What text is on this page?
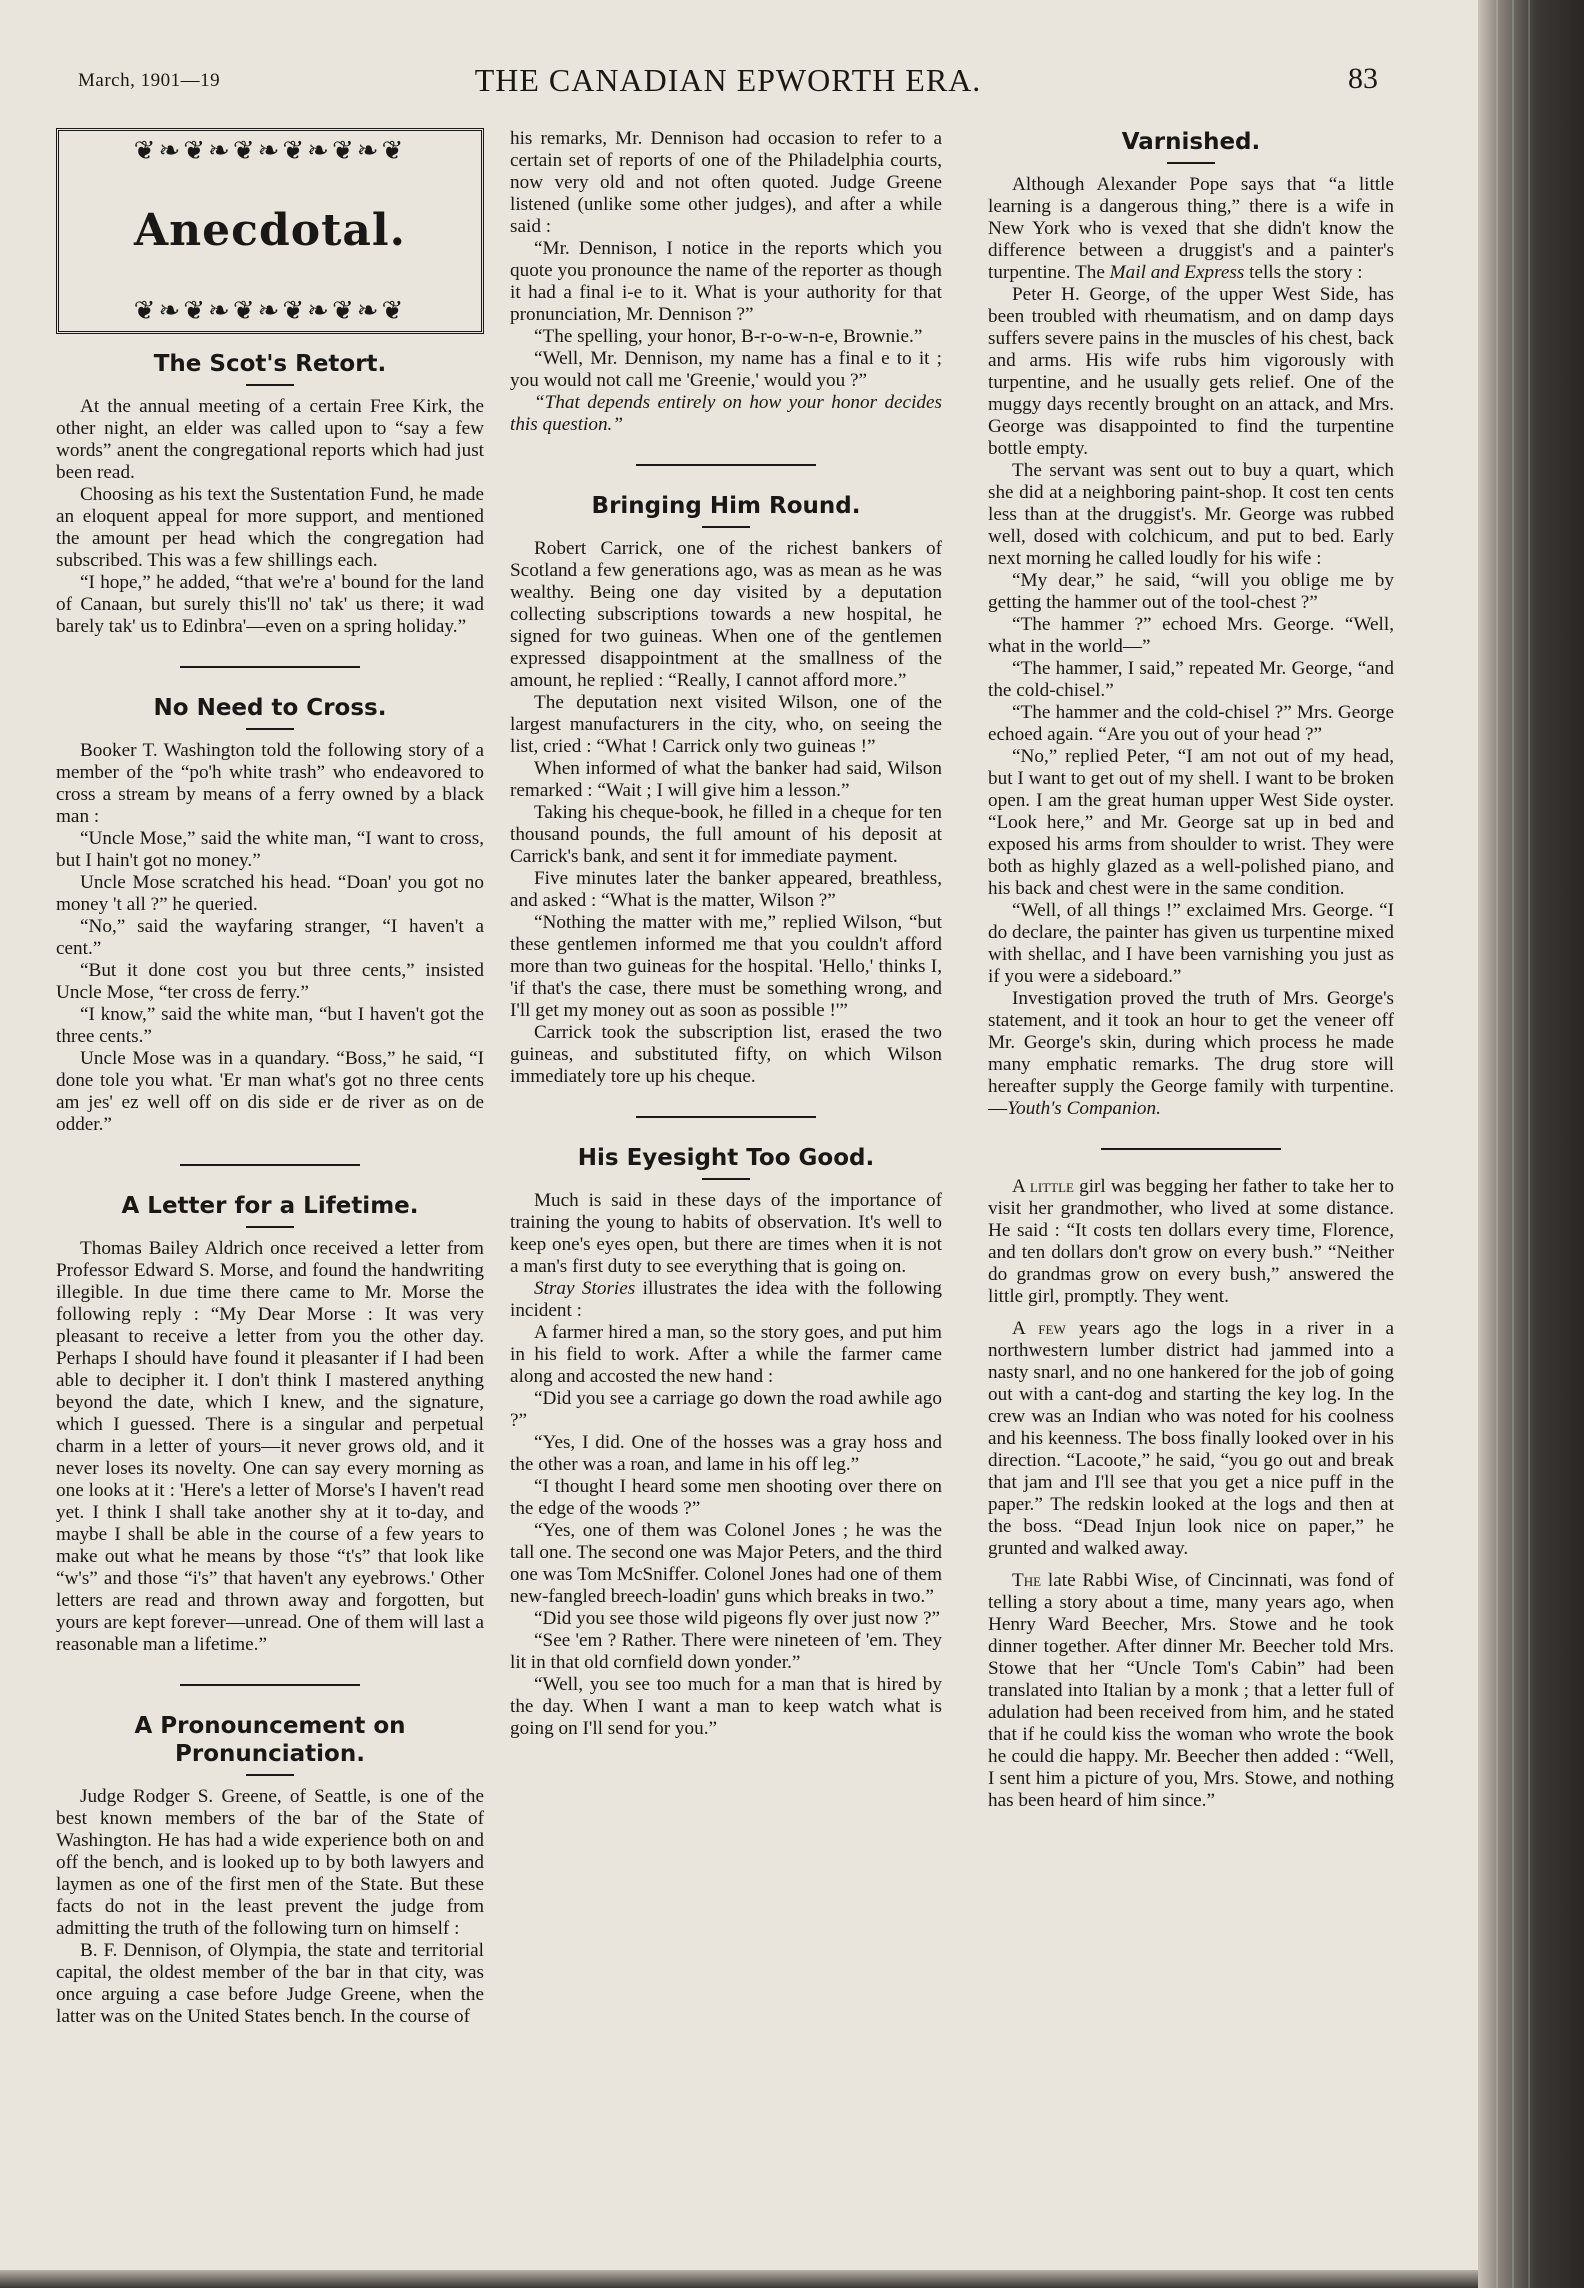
March, 1901—19	THE CANADIAN EPWORTH ERA.	83
❦❧❦❧❦❧❦❧❦❧❦
Anecdotal.
❦❧❦❧❦❧❦❧❦❧❦
The Scot's Retort.

At the annual meeting of a certain Free Kirk, the other night, an elder was called upon to “say a few words” anent the congregational reports which had just been read.

Choosing as his text the Sustentation Fund, he made an eloquent appeal for more support, and mentioned the amount per head which the congregation had subscribed. This was a few shillings each.

“I hope,” he added, “that we're a' bound for the land of Canaan, but surely this'll no' tak' us there; it wad barely tak' us to Edinbra'—even on a spring holiday.”

No Need to Cross.

Booker T. Washington told the following story of a member of the “po'h white trash” who endeavored to cross a stream by means of a ferry owned by a black man :

“Uncle Mose,” said the white man, “I want to cross, but I hain't got no money.”

Uncle Mose scratched his head. “Doan' you got no money 't all ?” he queried.

“No,” said the wayfaring stranger, “I haven't a cent.”

“But it done cost you but three cents,” insisted Uncle Mose, “ter cross de ferry.”

“I know,” said the white man, “but I haven't got the three cents.”

Uncle Mose was in a quandary. “Boss,” he said, “I done tole you what. 'Er man what's got no three cents am jes' ez well off on dis side er de river as on de odder.”

A Letter for a Lifetime.

Thomas Bailey Aldrich once received a letter from Professor Edward S. Morse, and found the handwriting illegible. In due time there came to Mr. Morse the following reply : “My Dear Morse : It was very pleasant to receive a letter from you the other day. Perhaps I should have found it pleasanter if I had been able to decipher it. I don't think I mastered anything beyond the date, which I knew, and the signature, which I guessed. There is a singular and perpetual charm in a letter of yours—it never grows old, and it never loses its novelty. One can say every morning as one looks at it : 'Here's a letter of Morse's I haven't read yet. I think I shall take another shy at it to-day, and maybe I shall be able in the course of a few years to make out what he means by those “t's” that look like “w's” and those “i's” that haven't any eyebrows.' Other letters are read and thrown away and forgotten, but yours are kept forever—unread. One of them will last a reasonable man a lifetime.”

A Pronouncement on Pronunciation.

Judge Rodger S. Greene, of Seattle, is one of the best known members of the bar of the State of Washington. He has had a wide experience both on and off the bench, and is looked up to by both lawyers and laymen as one of the first men of the State. But these facts do not in the least prevent the judge from admitting the truth of the following turn on himself :

B. F. Dennison, of Olympia, the state and territorial capital, the oldest member of the bar in that city, was once arguing a case before Judge Greene, when the latter was on the United States bench. In the course of

his remarks, Mr. Dennison had occasion to refer to a certain set of reports of one of the Philadelphia courts, now very old and not often quoted. Judge Greene listened (unlike some other judges), and after a while said :

“Mr. Dennison, I notice in the reports which you quote you pronounce the name of the reporter as though it had a final i-e to it. What is your authority for that pronunciation, Mr. Dennison ?”

“The spelling, your honor, B-r-o-w-n-e, Brownie.”

“Well, Mr. Dennison, my name has a final e to it ; you would not call me 'Greenie,' would you ?”

“That depends entirely on how your honor decides this question.”

Bringing Him Round.

Robert Carrick, one of the richest bankers of Scotland a few generations ago, was as mean as he was wealthy. Being one day visited by a deputation collecting subscriptions towards a new hospital, he signed for two guineas. When one of the gentlemen expressed disappointment at the smallness of the amount, he replied : “Really, I cannot afford more.”

The deputation next visited Wilson, one of the largest manufacturers in the city, who, on seeing the list, cried : “What ! Carrick only two guineas !”

When informed of what the banker had said, Wilson remarked : “Wait ; I will give him a lesson.”

Taking his cheque-book, he filled in a cheque for ten thousand pounds, the full amount of his deposit at Carrick's bank, and sent it for immediate payment.

Five minutes later the banker appeared, breathless, and asked : “What is the matter, Wilson ?”

“Nothing the matter with me,” replied Wilson, “but these gentlemen informed me that you couldn't afford more than two guineas for the hospital. 'Hello,' thinks I, 'if that's the case, there must be something wrong, and I'll get my money out as soon as possible !'”

Carrick took the subscription list, erased the two guineas, and substituted fifty, on which Wilson immediately tore up his cheque.

His Eyesight Too Good.

Much is said in these days of the importance of training the young to habits of observation. It's well to keep one's eyes open, but there are times when it is not a man's first duty to see everything that is going on.

Stray Stories illustrates the idea with the following incident :

A farmer hired a man, so the story goes, and put him in his field to work. After a while the farmer came along and accosted the new hand :

“Did you see a carriage go down the road awhile ago ?”

“Yes, I did. One of the hosses was a gray hoss and the other was a roan, and lame in his off leg.”

“I thought I heard some men shooting over there on the edge of the woods ?”

“Yes, one of them was Colonel Jones ; he was the tall one. The second one was Major Peters, and the third one was Tom McSniffer. Colonel Jones had one of them new-fangled breech-loadin' guns which breaks in two.”

“Did you see those wild pigeons fly over just now ?”

“See 'em ? Rather. There were nineteen of 'em. They lit in that old cornfield down yonder.”

“Well, you see too much for a man that is hired by the day. When I want a man to keep watch what is going on I'll send for you.”

Varnished.

Although Alexander Pope says that “a little learning is a dangerous thing,” there is a wife in New York who is vexed that she didn't know the difference between a druggist's and a painter's turpentine. The Mail and Express tells the story :

Peter H. George, of the upper West Side, has been troubled with rheumatism, and on damp days suffers severe pains in the muscles of his chest, back and arms. His wife rubs him vigorously with turpentine, and he usually gets relief. One of the muggy days recently brought on an attack, and Mrs. George was disappointed to find the turpentine bottle empty.

The servant was sent out to buy a quart, which she did at a neighboring paint-shop. It cost ten cents less than at the druggist's. Mr. George was rubbed well, dosed with colchicum, and put to bed. Early next morning he called loudly for his wife :

“My dear,” he said, “will you oblige me by getting the hammer out of the tool-chest ?”

“The hammer ?” echoed Mrs. George. “Well, what in the world—”

“The hammer, I said,” repeated Mr. George, “and the cold-chisel.”

“The hammer and the cold-chisel ?” Mrs. George echoed again. “Are you out of your head ?”

“No,” replied Peter, “I am not out of my head, but I want to get out of my shell. I want to be broken open. I am the great human upper West Side oyster. “Look here,” and Mr. George sat up in bed and exposed his arms from shoulder to wrist. They were both as highly glazed as a well-polished piano, and his back and chest were in the same condition.

“Well, of all things !” exclaimed Mrs. George. “I do declare, the painter has given us turpentine mixed with shellac, and I have been varnishing you just as if you were a sideboard.”

Investigation proved the truth of Mrs. George's statement, and it took an hour to get the veneer off Mr. George's skin, during which process he made many emphatic remarks. The drug store will hereafter supply the George family with turpentine.—Youth's Companion.

A little girl was begging her father to take her to visit her grandmother, who lived at some distance. He said : “It costs ten dollars every time, Florence, and ten dollars don't grow on every bush.” “Neither do grandmas grow on every bush,” answered the little girl, promptly. They went.

A few years ago the logs in a river in a northwestern lumber district had jammed into a nasty snarl, and no one hankered for the job of going out with a cant-dog and starting the key log. In the crew was an Indian who was noted for his coolness and his keenness. The boss finally looked over in his direction. “Lacoote,” he said, “you go out and break that jam and I'll see that you get a nice puff in the paper.” The redskin looked at the logs and then at the boss. “Dead Injun look nice on paper,” he grunted and walked away.

The late Rabbi Wise, of Cincinnati, was fond of telling a story about a time, many years ago, when Henry Ward Beecher, Mrs. Stowe and he took dinner together. After dinner Mr. Beecher told Mrs. Stowe that her “Uncle Tom's Cabin” had been translated into Italian by a monk ; that a letter full of adulation had been received from him, and he stated that if he could kiss the woman who wrote the book he could die happy. Mr. Beecher then added : “Well, I sent him a picture of you, Mrs. Stowe, and nothing has been heard of him since.”
